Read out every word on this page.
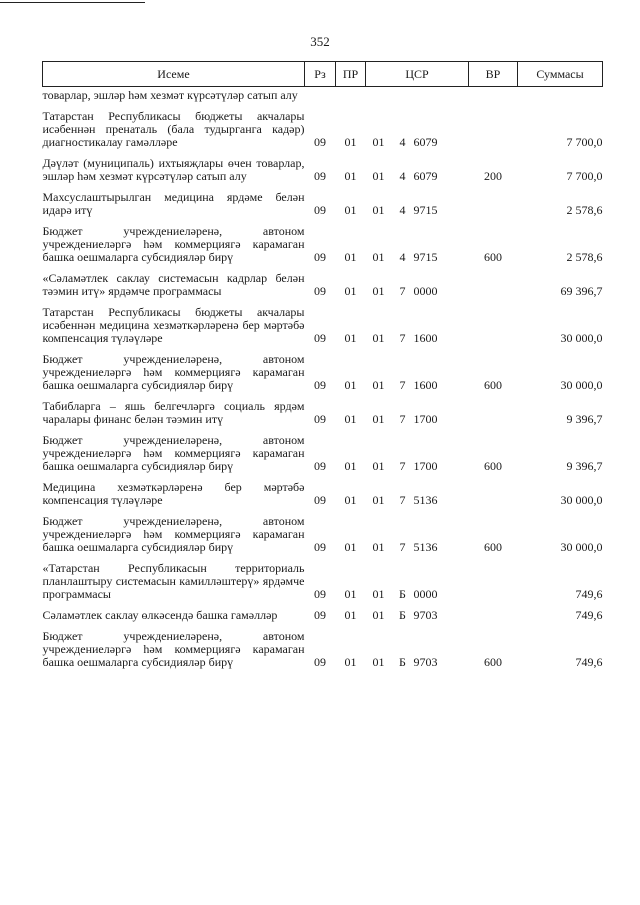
352
Исеме	Рз	ПР	ЦСР			ВР	Суммасы
товарлар, эшләр һәм хезмәт күрсәтүләр сатып алу							
Татарстан Республикасы бюджеты акчалары исәбеннән пренаталь (бала тудырганга кадәр) диагностикалау гамәлләре	09	01	01	4	6079		7 700,0
Дәүләт (муниципаль) ихтыяҗлары өчен товарлар, эшләр һәм хезмәт күрсәтүләр сатып алу	09	01	01	4	6079	200	7 700,0
Махсуслаштырылган медицина ярдәме белән идарә итү	09	01	01	4	9715		2 578,6
Бюджет учреждениеләренә, автоном учреждениеләргә һәм коммерциягә карамаган башка оешмаларга субсидияләр бирү	09	01	01	4	9715	600	2 578,6
«Сәламәтлек саклау системасын кадрлар белән тәэмин итү» ярдәмче программасы	09	01	01	7	0000		69 396,7
Татарстан Республикасы бюджеты акчалары исәбеннән медицина хезмәткәрләренә бер мәртәбә компенсация түләүләре	09	01	01	7	1600		30 000,0
Бюджет учреждениеләренә, автоном учреждениеләргә һәм коммерциягә карамаган башка оешмаларга субсидияләр бирү	09	01	01	7	1600	600	30 000,0
Табибларга – яшь белгечләргә социаль ярдәм чаралары финанс белән тәэмин итү	09	01	01	7	1700		9 396,7
Бюджет учреждениеләренә, автоном учреждениеләргә һәм коммерциягә карамаган башка оешмаларга субсидияләр бирү	09	01	01	7	1700	600	9 396,7
Медицина хезмәткәрләренә бер мәртәбә компенсация түләүләре	09	01	01	7	5136		30 000,0
Бюджет учреждениеләренә, автоном учреждениеләргә һәм коммерциягә карамаган башка оешмаларга субсидияләр бирү	09	01	01	7	5136	600	30 000,0
«Татарстан Республикасын территориаль планлаштыру системасын камилләштерү» ярдәмче программасы	09	01	01	Б	0000		749,6
Сәламәтлек саклау өлкәсендә башка гамәлләр	09	01	01	Б	9703		749,6
Бюджет учреждениеләренә, автоном учреждениеләргә һәм коммерциягә карамаган башка оешмаларга субсидияләр бирү	09	01	01	Б	9703	600	749,6
